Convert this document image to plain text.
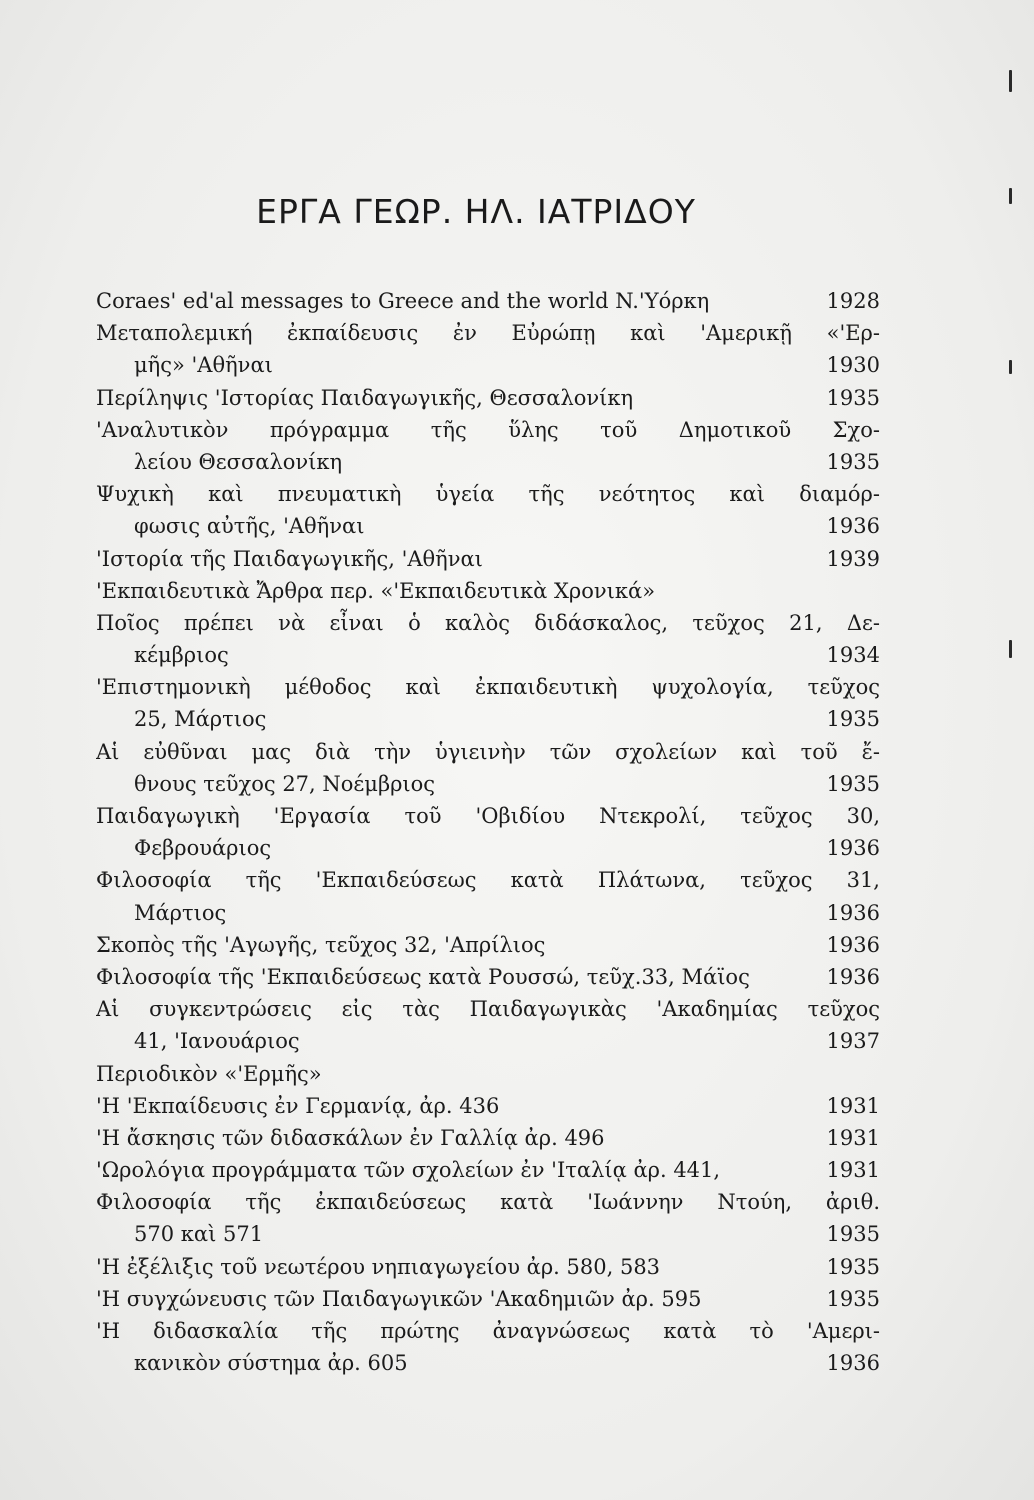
ΕΡΓΑ ΓΕΩΡ. ΗΛ. ΙΑΤΡΙΔΟΥ
Coraes' ed'al messages to Greece and the world N.'Υόρκη	1928
Μεταπολεμική ἐκπαίδευσις ἐν Εὐρώπῃ καὶ 'Αμερικῇ «'Ερ-
μῆς» 'Αθῆναι	1930
Περίληψις 'Ιστορίας Παιδαγωγικῆς, Θεσσαλονίκη	1935
'Αναλυτικὸν πρόγραμμα τῆς ὕλης τοῦ Δημοτικοῦ Σχο-
λείου Θεσσαλονίκη	1935
Ψυχικὴ καὶ πνευματικὴ ὑγεία τῆς νεότητος καὶ διαμόρ-
φωσις αὐτῆς, 'Αθῆναι	1936
'Ιστορία τῆς Παιδαγωγικῆς, 'Αθῆναι	1939
'Εκπαιδευτικὰ Ἄρθρα περ. «'Εκπαιδευτικὰ Χρονικά»
Ποῖος πρέπει νὰ εἶναι ὁ καλὸς διδάσκαλος, τεῦχος 21, Δε-
κέμβριος	1934
'Επιστημονικὴ μέθοδος καὶ ἐκπαιδευτικὴ ψυχολογία, τεῦχος
25, Μάρτιος	1935
Αἱ εὐθῦναι μας διὰ τὴν ὑγιεινὴν τῶν σχολείων καὶ τοῦ ἔ-
θνους τεῦχος 27, Νοέμβριος	1935
Παιδαγωγικὴ 'Εργασία τοῦ 'Οβιδίου Ντεκρολί, τεῦχος 30,
Φεβρουάριος	1936
Φιλοσοφία τῆς 'Εκπαιδεύσεως κατὰ Πλάτωνα, τεῦχος 31,
Μάρτιος	1936
Σκοπὸς τῆς 'Αγωγῆς, τεῦχος 32, 'Απρίλιος	1936
Φιλοσοφία τῆς 'Εκπαιδεύσεως κατὰ Ρουσσώ, τεῦχ.33, Μάϊος	1936
Αἱ συγκεντρώσεις εἰς τὰς Παιδαγωγικὰς 'Ακαδημίας τεῦχος
41, 'Ιανουάριος	1937
Περιοδικὸν «'Ερμῆς»
'Η 'Εκπαίδευσις ἐν Γερμανίᾳ, ἀρ. 436	1931
'Η ἄσκησις τῶν διδασκάλων ἐν Γαλλίᾳ ἀρ. 496	1931
'Ωρολόγια προγράμματα τῶν σχολείων ἐν 'Ιταλίᾳ ἀρ. 441,	1931
Φιλοσοφία τῆς ἐκπαιδεύσεως κατὰ 'Ιωάννην Ντούη, ἀριθ.
570 καὶ 571	1935
'Η ἐξέλιξις τοῦ νεωτέρου νηπιαγωγείου ἀρ. 580, 583	1935
'Η συγχώνευσις τῶν Παιδαγωγικῶν 'Ακαδημιῶν ἀρ. 595	1935
'Η διδασκαλία τῆς πρώτης ἀναγνώσεως κατὰ τὸ 'Αμερι-
κανικὸν σύστημα ἀρ. 605	1936
